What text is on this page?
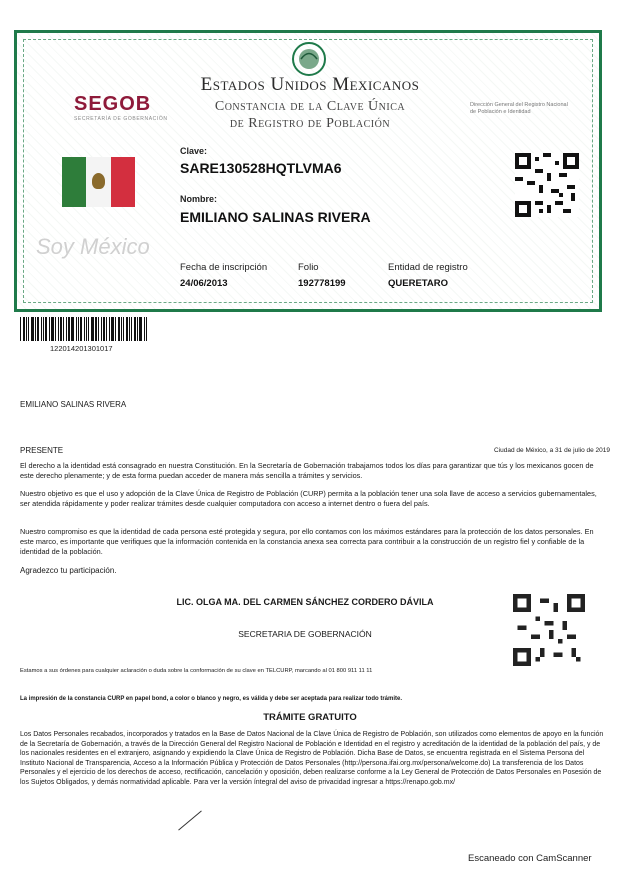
SEGOB
SECRETARÍA DE GOBERNACIÓN
Estados Unidos Mexicanos
Constancia de la Clave Única
de Registro de Población
Dirección General del Registro Nacional de Población e Identidad
Clave:
SARE130528HQTLVMA6
Nombre:
EMILIANO SALINAS RIVERA
Soy México
Fecha de inscripción
24/06/2013
Folio
192778199
Entidad de registro
QUERETARO
122014201301017
EMILIANO SALINAS RIVERA
PRESENTE	Ciudad de México, a 31 de julio de 2019
El derecho a la identidad está consagrado en nuestra Constitución. En la Secretaría de Gobernación trabajamos todos los días para garantizar que tús y los mexicanos gocen de este derecho plenamente; y de esta forma puedan acceder de manera más sencilla a trámites y servicios.
Nuestro objetivo es que el uso y adopción de la Clave Única de Registro de Población (CURP) permita a la población tener una sola llave de acceso a servicios gubernamentales, ser atendida rápidamente y poder realizar trámites desde cualquier computadora con acceso a internet dentro o fuera del país.
Nuestro compromiso es que la identidad de cada persona esté protegida y segura, por ello contamos con los máximos estándares para la protección de los datos personales. En este marco, es importante que verifiques que la información contenida en la constancia anexa sea correcta para contribuir a la construcción de un registro fiel y confiable de la identidad de la población.
Agradezco tu participación.
LIC. OLGA MA. DEL CARMEN SÁNCHEZ CORDERO DÁVILA
SECRETARIA DE GOBERNACIÓN
Estamos a sus órdenes para cualquier aclaración o duda sobre la conformación de su clave en TELCURP, marcando al 01 800 911 11 11
La impresión de la constancia CURP en papel bond, a color o blanco y negro, es válida y debe ser aceptada para realizar todo trámite.
TRÁMITE GRATUITO
Los Datos Personales recabados, incorporados y tratados en la Base de Datos Nacional de la Clave Única de Registro de Población, son utilizados como elementos de apoyo en la función de la Secretaría de Gobernación, a través de la Dirección General del Registro Nacional de Población e Identidad en el registro y acreditación de la identidad de la población del país, y de los nacionales residentes en el extranjero, asignando y expidiendo la Clave Única de Registro de Población. Dicha Base de Datos, se encuentra registrada en el Sistema Persona del Instituto Nacional de Transparencia, Acceso a la Información Pública y Protección de Datos Personales (http://persona.ifai.org.mx/persona/welcome.do) La transferencia de los Datos Personales y el ejercicio de los derechos de acceso, rectificación, cancelación y oposición, deben realizarse conforme a la Ley General de Protección de Datos Personales en Posesión de los Sujetos Obligados, y demás normatividad aplicable. Para ver la versión íntegral del aviso de privacidad ingresar a https://renapo.gob.mx/
Escaneado con CamScanner
